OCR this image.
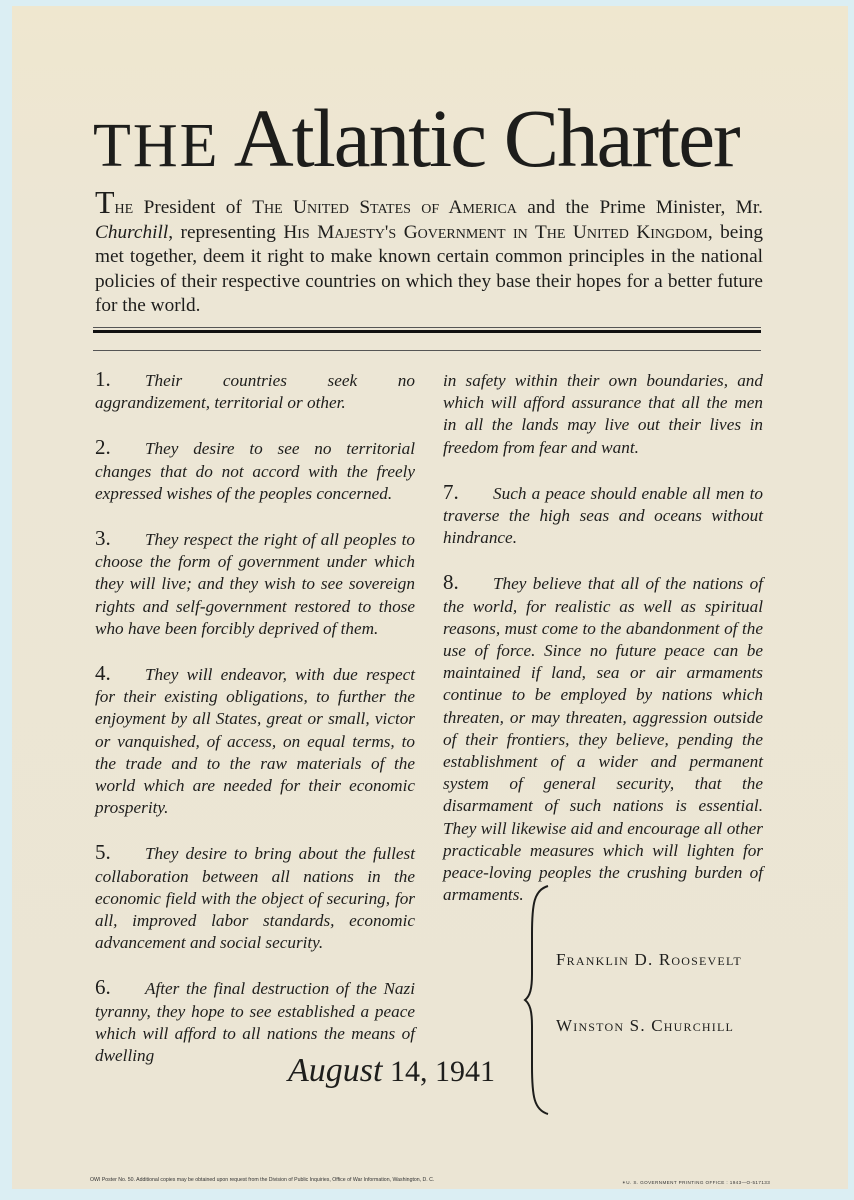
THE Atlantic Charter
The President of The United States of America and the Prime Minister, Mr. Churchill, representing His Majesty's Government in The United Kingdom, being met together, deem it right to make known certain common principles in the national policies of their respective countries on which they base their hopes for a better future for the world.

1. Their countries seek no aggrandizement, territorial or other.

2. They desire to see no territorial changes that do not accord with the freely expressed wishes of the peoples concerned.

3. They respect the right of all peoples to choose the form of government under which they will live; and they wish to see sovereign rights and self-government restored to those who have been forcibly deprived of them.

4. They will endeavor, with due respect for their existing obligations, to further the enjoyment by all States, great or small, victor or vanquished, of access, on equal terms, to the trade and to the raw materials of the world which are needed for their economic prosperity.

5. They desire to bring about the fullest collaboration between all nations in the economic field with the object of securing, for all, improved labor standards, economic advancement and social security.

6. After the final destruction of the Nazi tyranny, they hope to see established a peace which will afford to all nations the means of dwelling

in safety within their own boundaries, and which will afford assurance that all the men in all the lands may live out their lives in freedom from fear and want.

7. Such a peace should enable all men to traverse the high seas and oceans without hindrance.

8. They believe that all of the nations of the world, for realistic as well as spiritual reasons, must come to the abandonment of the use of force. Since no future peace can be maintained if land, sea or air armaments continue to be employed by nations which threaten, or may threaten, aggression outside of their frontiers, they believe, pending the establishment of a wider and permanent system of general security, that the disarmament of such nations is essential. They will likewise aid and encourage all other practicable measures which will lighten for peace-loving peoples the crushing burden of armaments.

Franklin D. Roosevelt
Winston S. Churchill
August 14, 1941
OWI Poster No. 50. Additional copies may be obtained upon request from the Division of Public Inquiries, Office of War Information, Washington, D. C.	✴U. S. GOVERNMENT PRINTING OFFICE : 1943—O-517133
